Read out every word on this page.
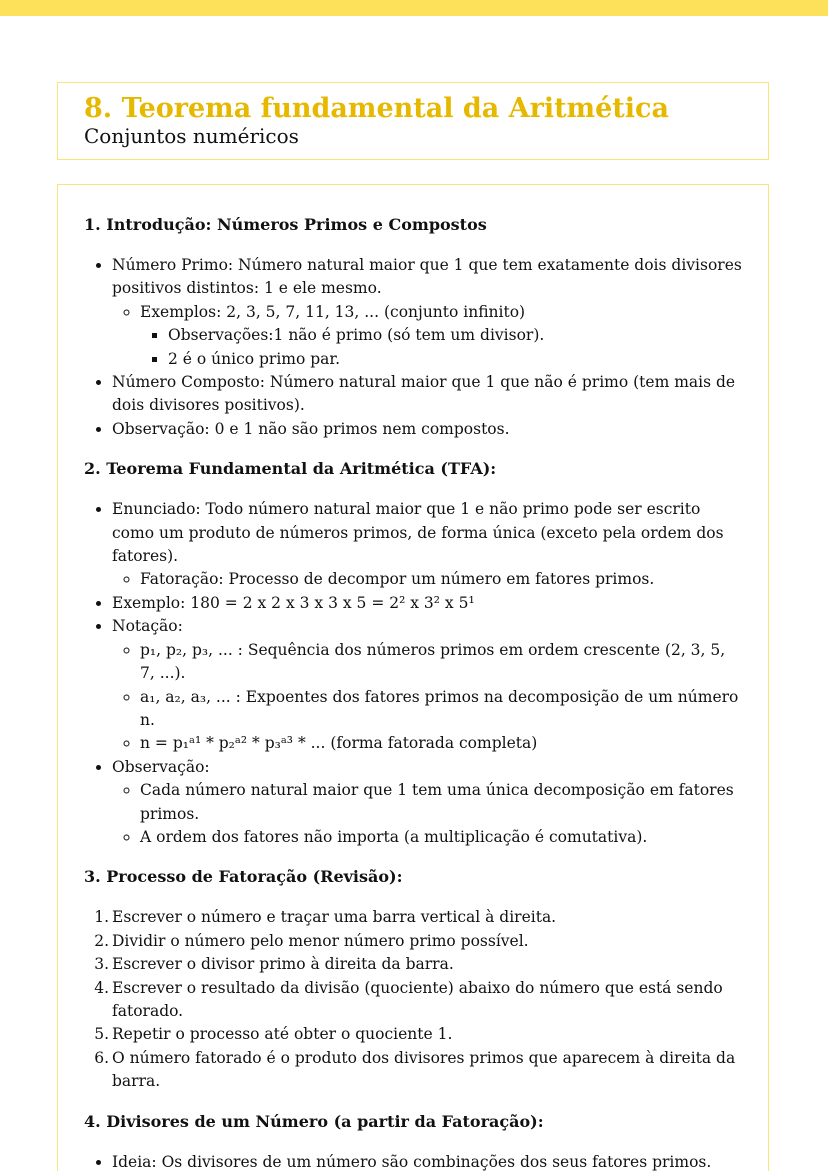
8. Teorema fundamental da Aritmética

Conjuntos numéricos

1. Introdução: Números Primos e Compostos
• Número Primo: Número natural maior que 1 que tem exatamente dois divisores positivos distintos: 1 e ele mesmo.
◦ Exemplos: 2, 3, 5, 7, 11, 13, ... (conjunto infinito)
▪ Observações:1 não é primo (só tem um divisor).
▪ 2 é o único primo par.
• Número Composto: Número natural maior que 1 que não é primo (tem mais de dois divisores positivos).
• Observação: 0 e 1 não são primos nem compostos.
2. Teorema Fundamental da Aritmética (TFA):
• Enunciado: Todo número natural maior que 1 e não primo pode ser escrito como um produto de números primos, de forma única (exceto pela ordem dos fatores).
◦ Fatoração: Processo de decompor um número em fatores primos.
• Exemplo: 180 = 2 x 2 x 3 x 3 x 5 = 2² x 3² x 5¹
• Notação:
◦ p₁, p₂, p₃, ... : Sequência dos números primos em ordem crescente (2, 3, 5, 7, ...).
◦ a₁, a₂, a₃, ... : Expoentes dos fatores primos na decomposição de um número n.
◦ n = p₁ᵃ¹ * p₂ᵃ² * p₃ᵃ³ * ... (forma fatorada completa)
• Observação:
◦ Cada número natural maior que 1 tem uma única decomposição em fatores primos.
◦ A ordem dos fatores não importa (a multiplicação é comutativa).
3. Processo de Fatoração (Revisão):
1. Escrever o número e traçar uma barra vertical à direita.
2. Dividir o número pelo menor número primo possível.
3. Escrever o divisor primo à direita da barra.
4. Escrever o resultado da divisão (quociente) abaixo do número que está sendo fatorado.
5. Repetir o processo até obter o quociente 1.
6. O número fatorado é o produto dos divisores primos que aparecem à direita da barra.
4. Divisores de um Número (a partir da Fatoração):
• Ideia: Os divisores de um número são combinações dos seus fatores primos.
